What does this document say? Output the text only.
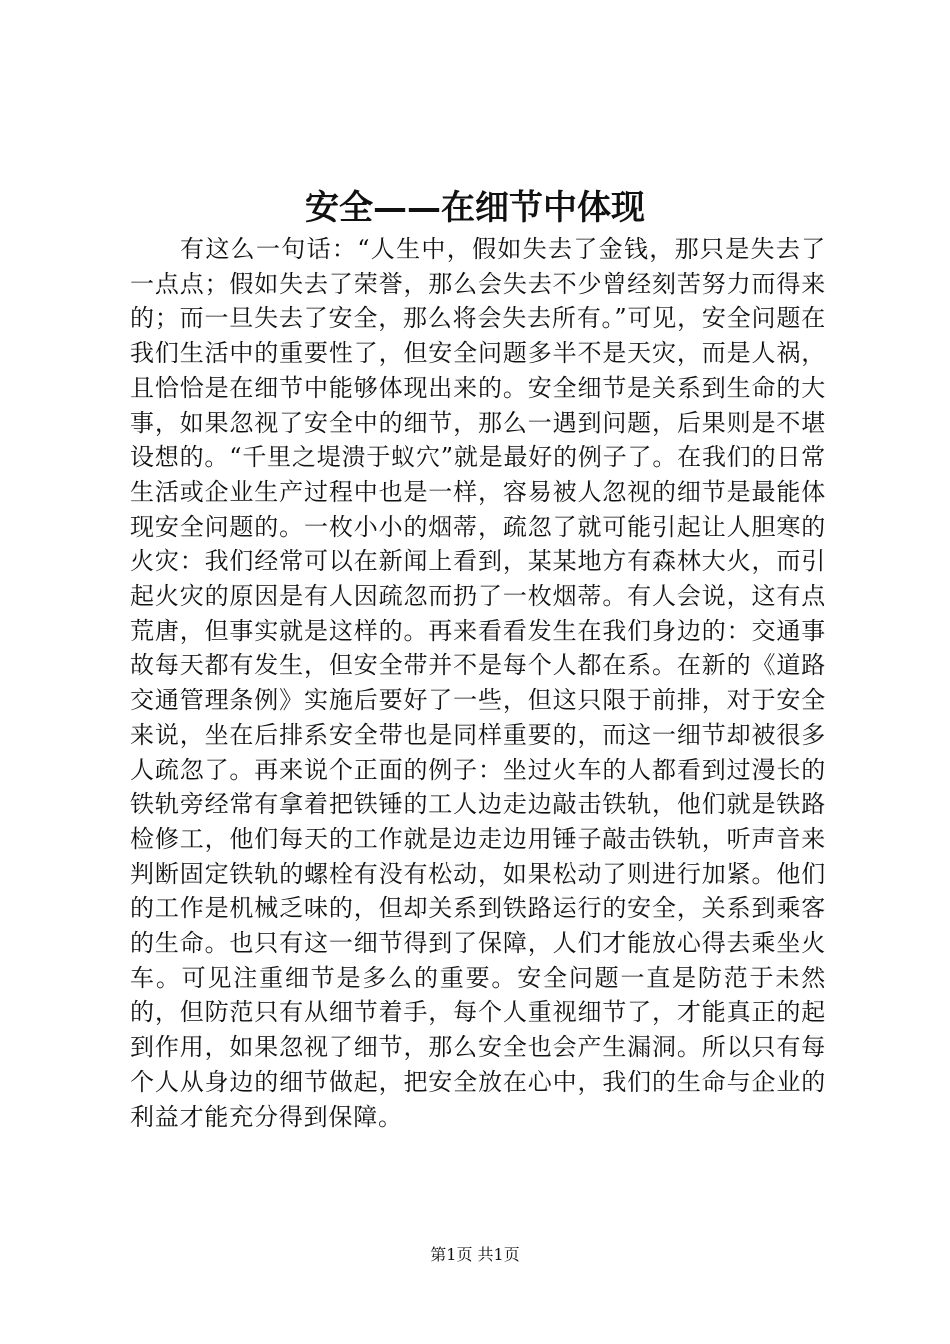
安全——在细节中体现

有这么一句话：“人生中，假如失去了金钱，那只是失去了一点点；假如失去了荣誉，那么会失去不少曾经刻苦努力而得来的；而一旦失去了安全，那么将会失去所有。”可见，安全问题在我们生活中的重要性了，但安全问题多半不是天灾，而是人祸，且恰恰是在细节中能够体现出来的。安全细节是关系到生命的大事，如果忽视了安全中的细节，那么一遇到问题，后果则是不堪设想的。“千里之堤溃于蚁穴”就是最好的例子了。在我们的日常生活或企业生产过程中也是一样，容易被人忽视的细节是最能体现安全问题的。一枚小小的烟蒂，疏忽了就可能引起让人胆寒的火灾：我们经常可以在新闻上看到，某某地方有森林大火，而引起火灾的原因是有人因疏忽而扔了一枚烟蒂。有人会说，这有点荒唐，但事实就是这样的。再来看看发生在我们身边的：交通事故每天都有发生，但安全带并不是每个人都在系。在新的《道路交通管理条例》实施后要好了一些，但这只限于前排，对于安全来说，坐在后排系安全带也是同样重要的，而这一细节却被很多人疏忽了。再来说个正面的例子：坐过火车的人都看到过漫长的铁轨旁经常有拿着把铁锤的工人边走边敲击铁轨，他们就是铁路检修工，他们每天的工作就是边走边用锤子敲击铁轨，听声音来判断固定铁轨的螺栓有没有松动，如果松动了则进行加紧。他们的工作是机械乏味的，但却关系到铁路运行的安全，关系到乘客的生命。也只有这一细节得到了保障，人们才能放心得去乘坐火车。可见注重细节是多么的重要。安全问题一直是防范于未然的，但防范只有从细节着手，每个人重视细节了，才能真正的起到作用，如果忽视了细节，那么安全也会产生漏洞。所以只有每个人从身边的细节做起，把安全放在心中，我们的生命与企业的利益才能充分得到保障。

第1页 共1页
